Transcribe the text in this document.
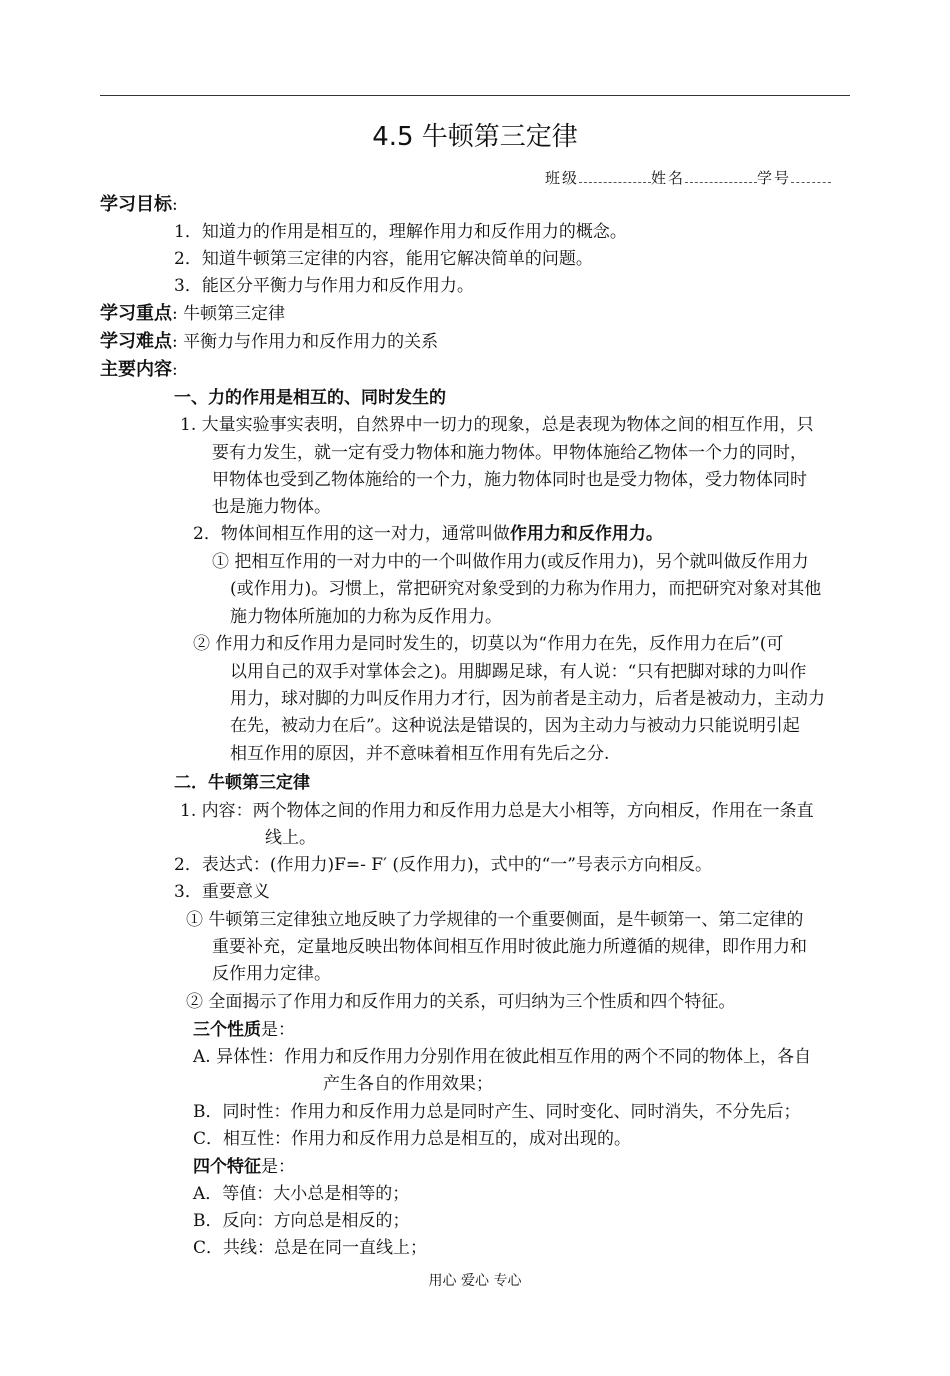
4.5 牛顿第三定律
班级	姓名	学号
学习目标:
1．知道力的作用是相互的，理解作用力和反作用力的概念。
2．知道牛顿第三定律的内容，能用它解决简单的问题。
3．能区分平衡力与作用力和反作用力。
学习重点: 牛顿第三定律
学习难点: 平衡力与作用力和反作用力的关系
主要内容:
一、力的作用是相互的、同时发生的
1. 大量实验事实表明，自然界中一切力的现象，总是表现为物体之间的相互作用，只
要有力发生，就一定有受力物体和施力物体。甲物体施给乙物体一个力的同时，
甲物体也受到乙物体施给的一个力，施力物体同时也是受力物体，受力物体同时
也是施力物体。
2．物体间相互作用的这一对力，通常叫做作用力和反作用力。
① 把相互作用的一对力中的一个叫做作用力(或反作用力)，另个就叫做反作用力
(或作用力)。习惯上，常把研究对象受到的力称为作用力，而把研究对象对其他
施力物体所施加的力称为反作用力。
② 作用力和反作用力是同时发生的，切莫以为“作用力在先，反作用力在后”(可
以用自己的双手对掌体会之)。用脚踢足球，有人说：“只有把脚对球的力叫作
用力，球对脚的力叫反作用力才行，因为前者是主动力，后者是被动力，主动力
在先，被动力在后”。这种说法是错误的，因为主动力与被动力只能说明引起
相互作用的原因，并不意味着相互作用有先后之分.
二．牛顿第三定律
1. 内容：两个物体之间的作用力和反作用力总是大小相等，方向相反，作用在一条直
线上。
2．表达式：(作用力)F=- F′ (反作用力)，式中的“一”号表示方向相反。
3．重要意义
① 牛顿第三定律独立地反映了力学规律的一个重要侧面，是牛顿第一、第二定律的
重要补充，定量地反映出物体间相互作用时彼此施力所遵循的规律，即作用力和
反作用力定律。
② 全面揭示了作用力和反作用力的关系，可归纳为三个性质和四个特征。
三个性质是：
A. 异体性：作用力和反作用力分别作用在彼此相互作用的两个不同的物体上，各自
产生各自的作用效果；
B．同时性：作用力和反作用力总是同时产生、同时变化、同时消失，不分先后；
C．相互性：作用力和反作用力总是相互的，成对出现的。
四个特征是：
A．等值：大小总是相等的；
B．反向：方向总是相反的；
C．共线：总是在同一直线上；
用心 爱心 专心
